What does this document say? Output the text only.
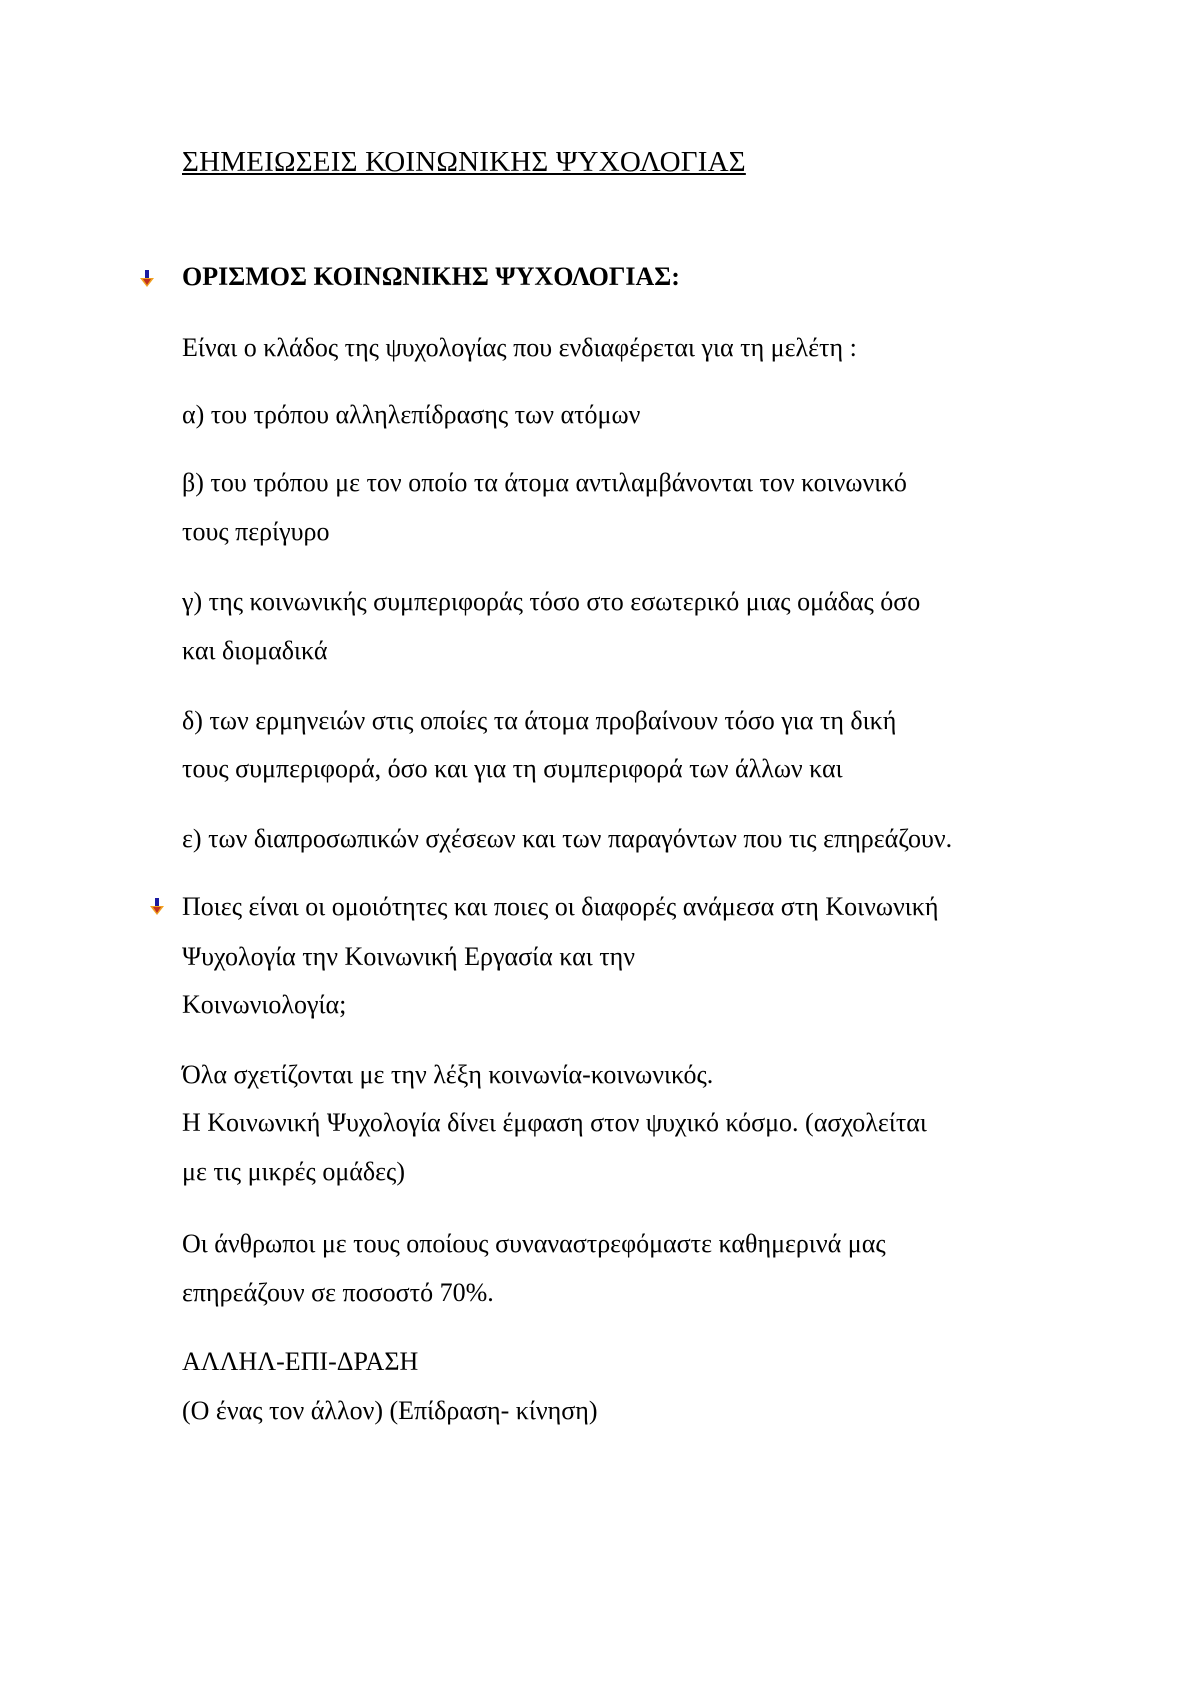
ΣΗΜΕΙΩΣΕΙΣ ΚΟΙΝΩΝΙΚΗΣ ΨΥΧΟΛΟΓΙΑΣ
ΟΡΙΣΜΟΣ ΚΟΙΝΩΝΙΚΗΣ ΨΥΧΟΛΟΓΙΑΣ:
Είναι ο κλάδος της ψυχολογίας που ενδιαφέρεται για τη μελέτη :
α) του τρόπου αλληλεπίδρασης των ατόμων
β) του τρόπου με τον οποίο τα άτομα αντιλαμβάνονται τον κοινωνικό
τους περίγυρο
γ) της κοινωνικής συμπεριφοράς τόσο στο εσωτερικό μιας ομάδας όσο
και διομαδικά
δ) των ερμηνειών στις οποίες τα άτομα προβαίνουν τόσο για τη δική
τους συμπεριφορά, όσο και για τη συμπεριφορά των άλλων και
ε) των διαπροσωπικών σχέσεων και των παραγόντων που τις επηρεάζουν.
Ποιες είναι οι ομοιότητες και ποιες οι διαφορές ανάμεσα στη Κοινωνική
Ψυχολογία την Κοινωνική Εργασία και την
Κοινωνιολογία;
Όλα σχετίζονται με την λέξη κοινωνία-κοινωνικός.
Η Κοινωνική Ψυχολογία δίνει έμφαση στον ψυχικό κόσμο. (ασχολείται
με τις μικρές ομάδες)
Οι άνθρωποι με τους οποίους συναναστρεφόμαστε καθημερινά μας
επηρεάζουν σε ποσοστό 70%.
ΑΛΛΗΛ-ΕΠΙ-ΔΡΑΣΗ
(Ο ένας τον άλλον) (Επίδραση- κίνηση)
